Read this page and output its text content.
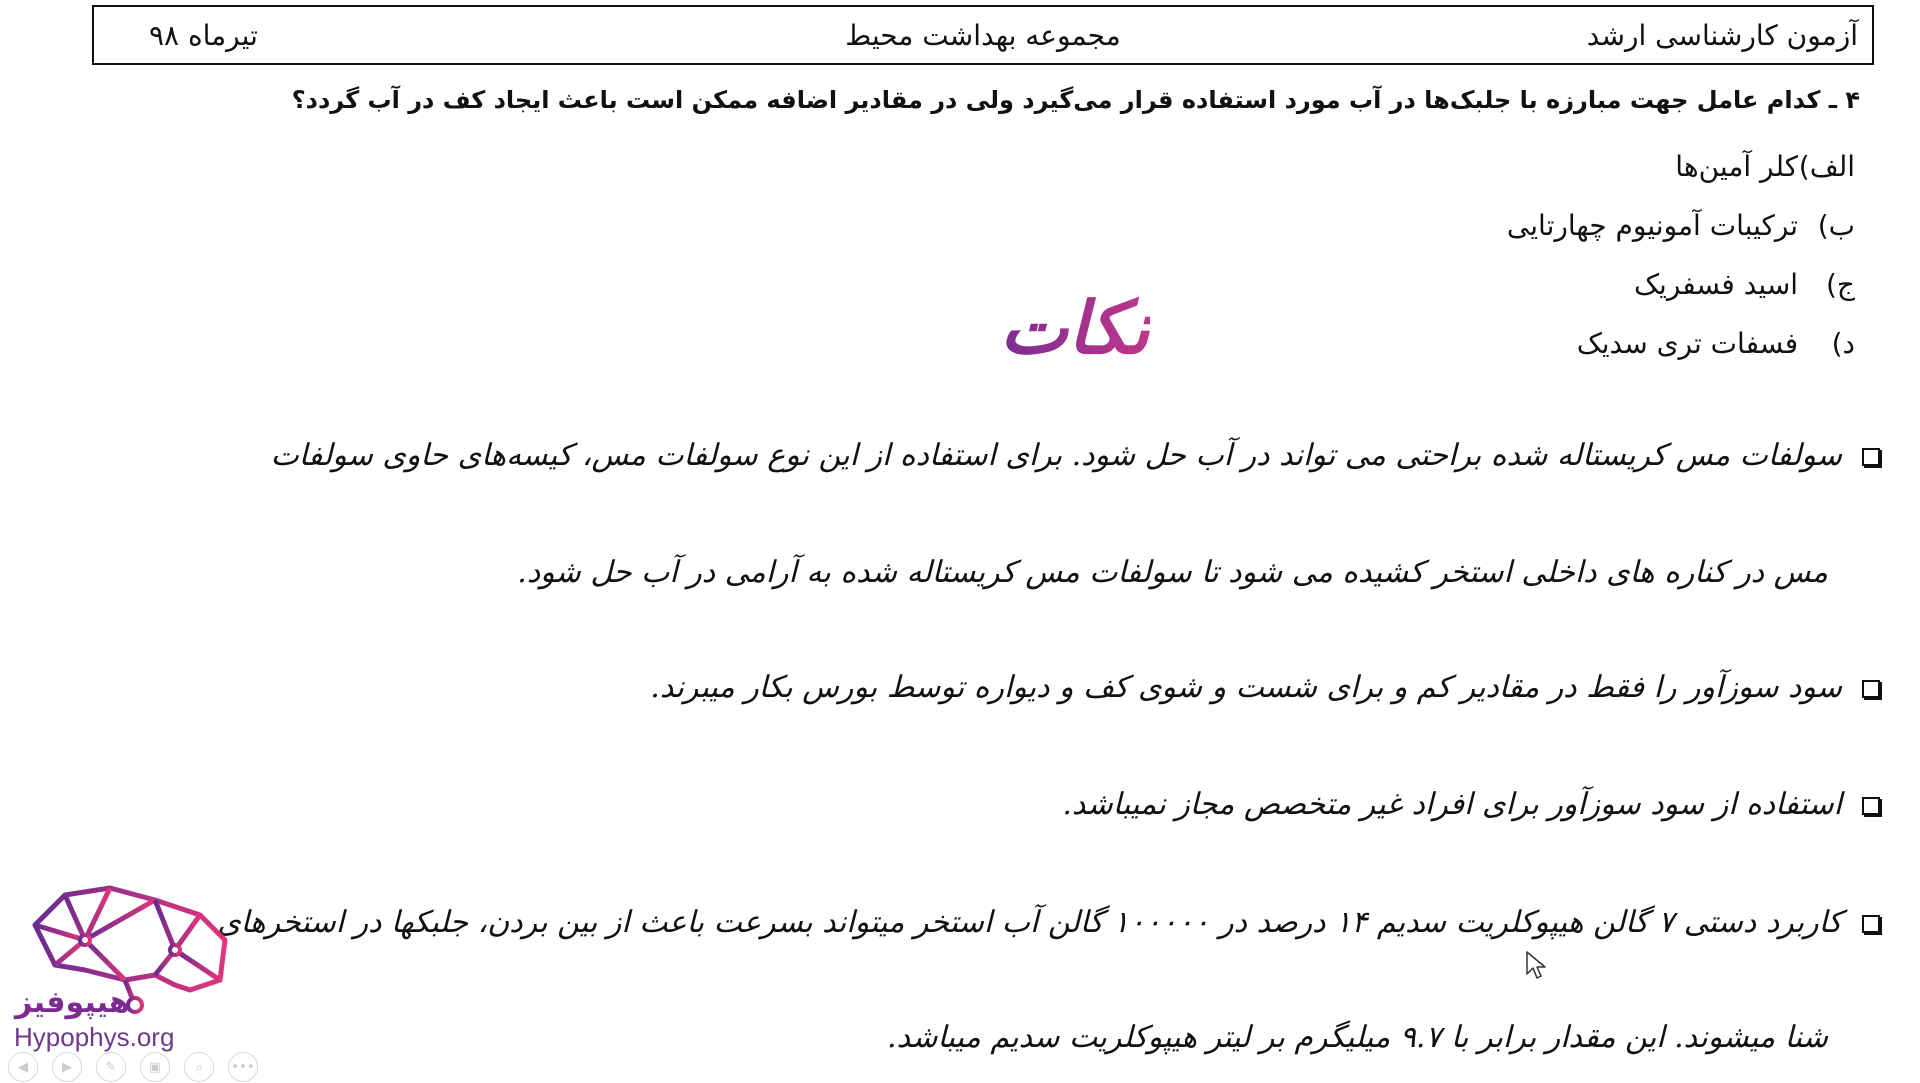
آزمون کارشناسی ارشد
مجموعه بهداشت محیط
تیرماه ۹۸
۴ ـ کدام عامل جهت مبارزه با جلبک‌ها در آب مورد استفاده قرار می‌گیرد ولی در مقادیر اضافه ممکن است باعث ایجاد کف در آب گردد؟
الف) کلر آمین‌ها
ب) ترکیبات آمونیوم چهارتایی
ج) اسید فسفریک
د) فسفات تری سدیک
نکات
سولفات مس کریستاله شده براحتی می تواند در آب حل شود. برای استفاده از این نوع سولفات مس، کیسه‌های حاوی سولفات
مس در کناره های داخلی استخر کشیده می شود تا سولفات مس کریستاله شده به آرامی در آب حل شود.
سود سوزآور را فقط در مقادیر کم و برای شست و شوی کف و دیواره توسط بورس بکار میبرند.
استفاده از سود سوزآور برای افراد غیر متخصص مجاز نمیباشد.
کاربرد دستی ۷ گالن هیپوکلریت سدیم ۱۴ درصد در ۱۰۰۰۰۰ گالن آب استخر میتواند بسرعت باعث از بین بردن، جلبکها در استخرهای
شنا میشوند. این مقدار برابر با ۹.۷ میلیگرم بر لیتر هیپوکلریت سدیم میباشد.
هیپوفیز
Hypophys.org
◀	▶	✎	▣	⌕	•••
